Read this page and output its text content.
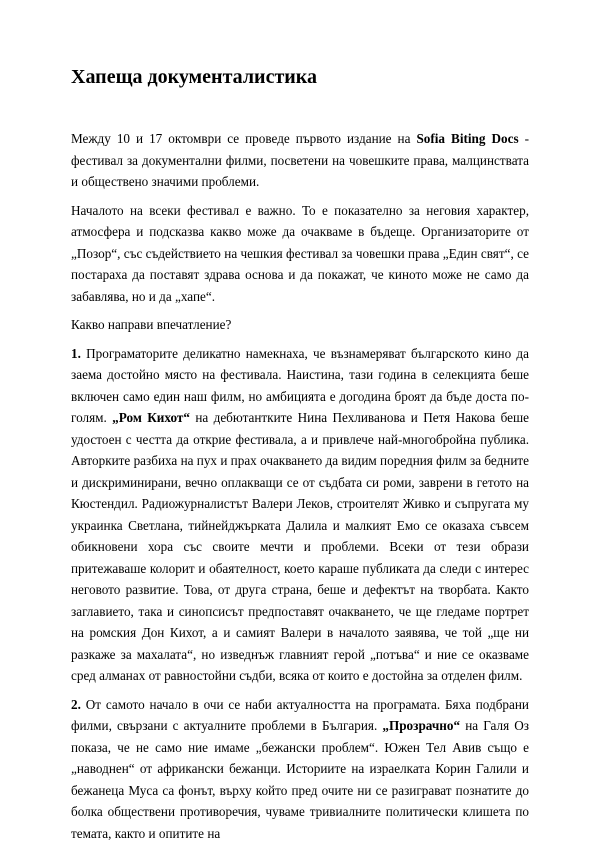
Хапеща документалистика

Между 10 и 17 октомври се проведе първото издание на Sofia Biting Docs - фестивал за документални филми, посветени на човешките права, малцинствата и обществено значими проблеми.

Началото на всеки фестивал е важно. То е показателно за неговия характер, атмосфера и подсказва какво може да очакваме в бъдеще. Организаторите от „Позор“, със съдействието на чешкия фестивал за човешки права „Един свят“, се постараха да поставят здрава основа и да покажат, че киното може не само да забавлява, но и да „хапе“.

Какво направи впечатление?

1. Програматорите деликатно намекнаха, че възнамеряват българското кино да заема достойно място на фестивала. Наистина, тази година в селекцията беше включен само един наш филм, но амбицията е догодина броят да бъде доста по-голям. „Ром Кихот“ на дебютантките Нина Пехливанова и Петя Накова беше удостоен с честта да открие фестивала, а и привлече най-многобройна публика. Авторките разбиха на пух и прах очакването да видим поредния филм за бедните и дискриминирани, вечно оплакващи се от съдбата си роми, заврени в гетото на Кюстендил. Радиожурналистът Валери Леков, строителят Живко и съпругата му украинка Светлана, тийнейджърката Далила и малкият Емо се оказаха съвсем обикновени хора със своите мечти и проблеми. Всеки от тези образи притежаваше колорит и обаятелност, което караше публиката да следи с интерес неговото развитие. Това, от друга страна, беше и дефектът на творбата. Както заглавието, така и синопсисът предпоставят очакването, че ще гледаме портрет на ромския Дон Кихот, а и самият Валери в началото заявява, че той „ще ни разкаже за махалата“, но изведнъж главният герой „потъва“ и ние се оказваме сред алманах от равностойни съдби, всяка от които е достойна за отделен филм.

2. От самото начало в очи се наби актуалността на програмата. Бяха подбрани филми, свързани с актуалните проблеми в България. „Прозрачно“ на Галя Оз показа, че не само ние имаме „бежански проблем“. Южен Тел Авив също е „наводнен“ от африкански бежанци. Историите на израелката Корин Галили и бежанеца Муса са фонът, върху който пред очите ни се разиграват познатите до болка обществени противоречия, чуваме тривиалните политически клишета по темата, както и опитите на
